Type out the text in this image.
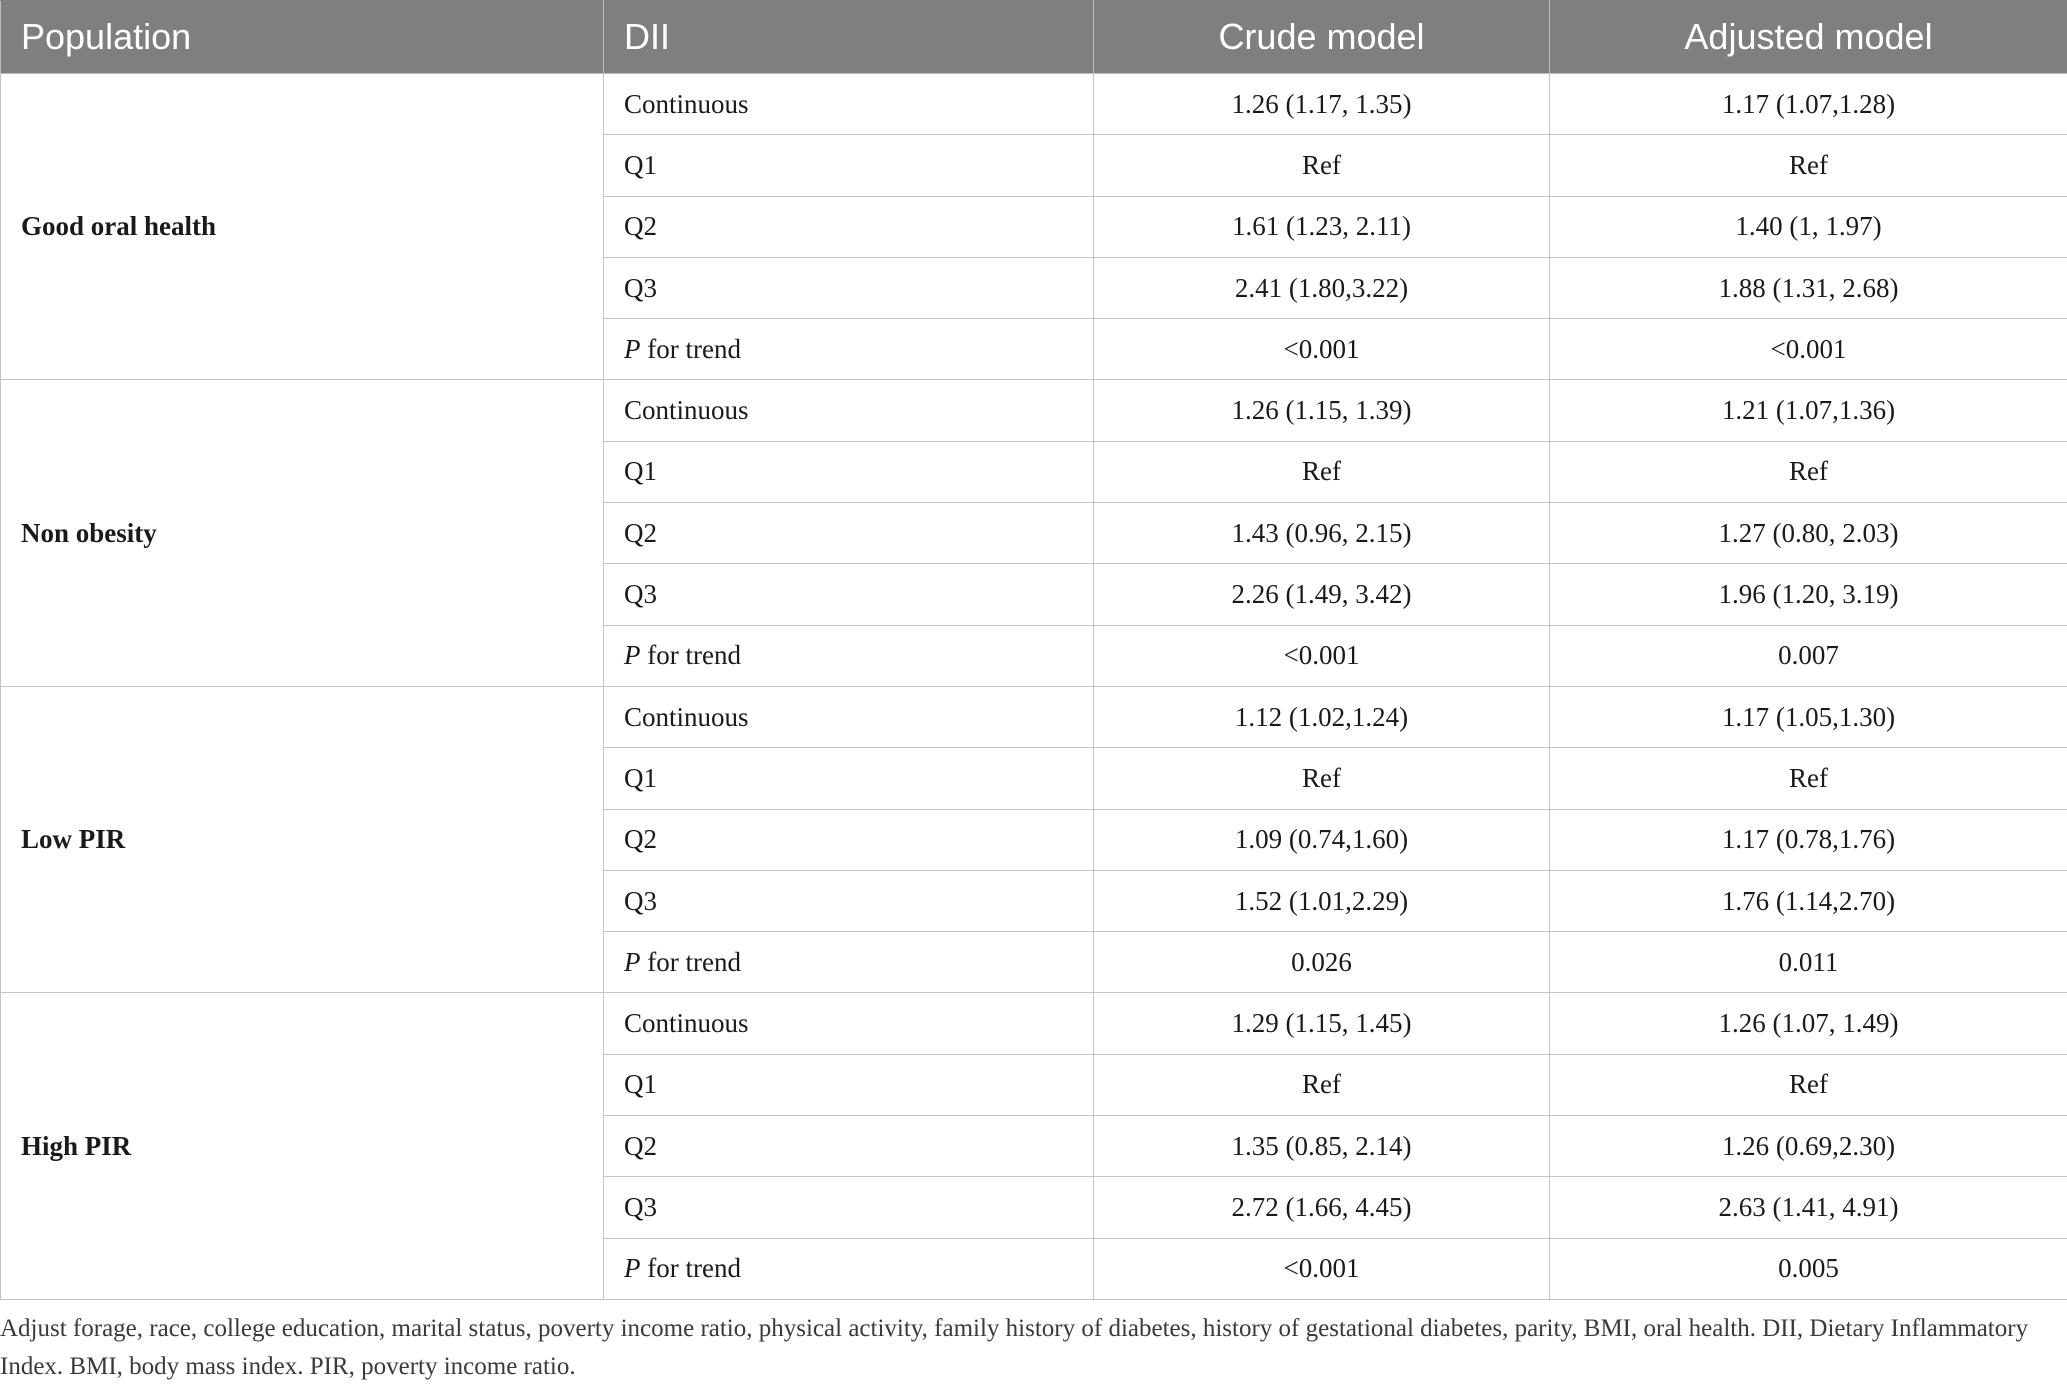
Population	DII	Crude model	Adjusted model
Good oral health	Continuous	1.26 (1.17, 1.35)	1.17 (1.07,1.28)
	Q1	Ref	Ref
	Q2	1.61 (1.23, 2.11)	1.40 (1, 1.97)
	Q3	2.41 (1.80,3.22)	1.88 (1.31, 2.68)
	P for trend	<0.001	<0.001
Non obesity	Continuous	1.26 (1.15, 1.39)	1.21 (1.07,1.36)
	Q1	Ref	Ref
	Q2	1.43 (0.96, 2.15)	1.27 (0.80, 2.03)
	Q3	2.26 (1.49, 3.42)	1.96 (1.20, 3.19)
	P for trend	<0.001	0.007
Low PIR	Continuous	1.12 (1.02,1.24)	1.17 (1.05,1.30)
	Q1	Ref	Ref
	Q2	1.09 (0.74,1.60)	1.17 (0.78,1.76)
	Q3	1.52 (1.01,2.29)	1.76 (1.14,2.70)
	P for trend	0.026	0.011
High PIR	Continuous	1.29 (1.15, 1.45)	1.26 (1.07, 1.49)
	Q1	Ref	Ref
	Q2	1.35 (0.85, 2.14)	1.26 (0.69,2.30)
	Q3	2.72 (1.66, 4.45)	2.63 (1.41, 4.91)
	P for trend	<0.001	0.005
Adjust forage, race, college education, marital status, poverty income ratio, physical activity, family history of diabetes, history of gestational diabetes, parity, BMI, oral health. DII, Dietary Inflammatory Index. BMI, body mass index. PIR, poverty income ratio.
